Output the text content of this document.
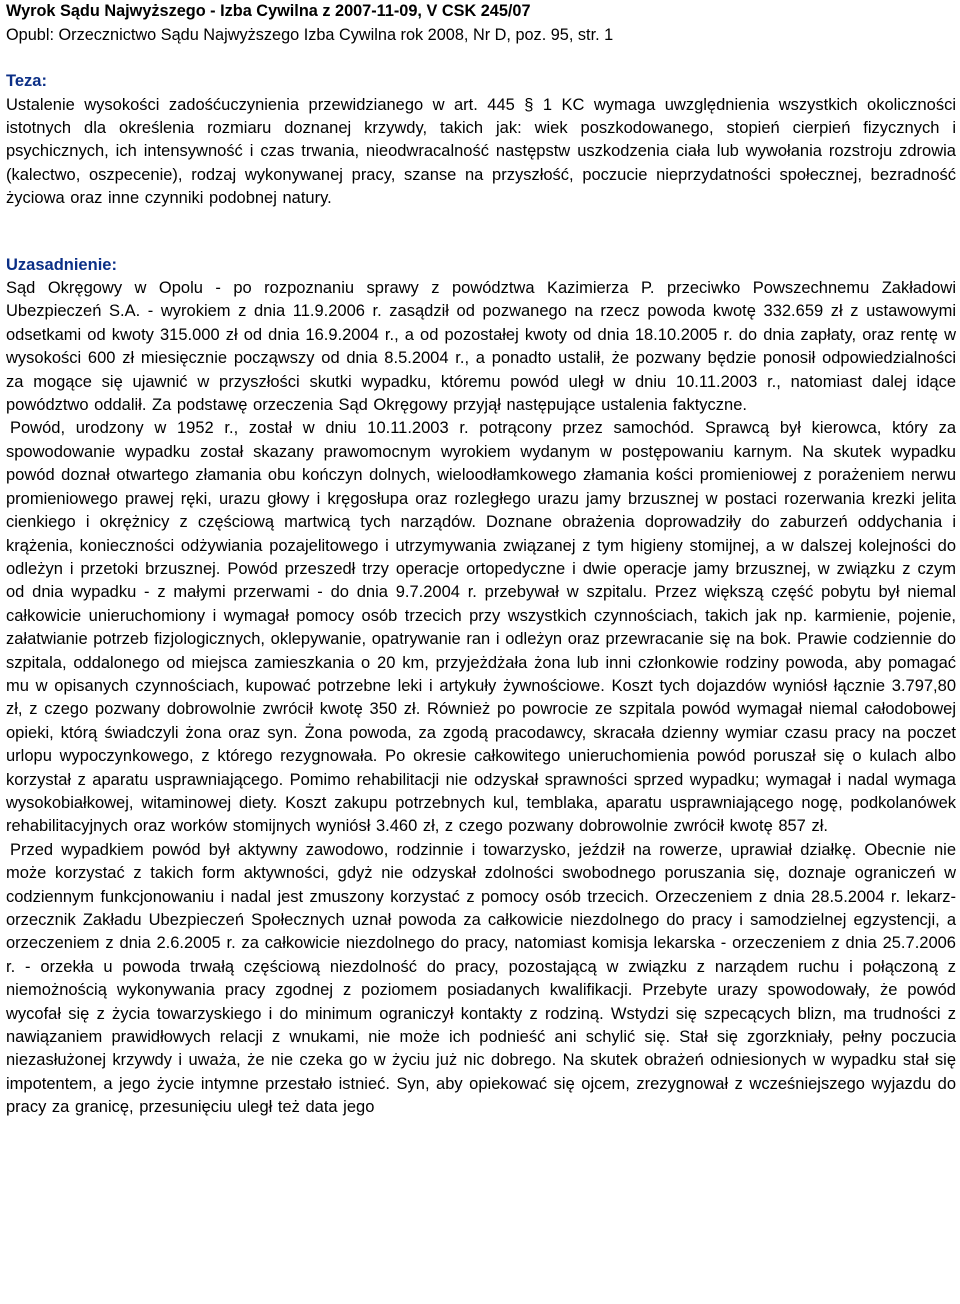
Wyrok Sądu Najwyższego - Izba Cywilna z 2007-11-09, V CSK 245/07

Opubl: Orzecznictwo Sądu Najwyższego Izba Cywilna rok 2008, Nr D, poz. 95, str. 1

Teza:

Ustalenie wysokości zadośćuczynienia przewidzianego w art. 445 § 1 KC wymaga uwzględnienia wszystkich okoliczności istotnych dla określenia rozmiaru doznanej krzywdy, takich jak: wiek poszkodowanego, stopień cierpień fizycznych i psychicznych, ich intensywność i czas trwania, nieodwracalność następstw uszkodzenia ciała lub wywołania rozstroju zdrowia (kalectwo, oszpecenie), rodzaj wykonywanej pracy, szanse na przyszłość, poczucie nieprzydatności społecznej, bezradność życiowa oraz inne czynniki podobnej natury.

Uzasadnienie:

Sąd Okręgowy w Opolu - po rozpoznaniu sprawy z powództwa Kazimierza P. przeciwko Powszechnemu Zakładowi Ubezpieczeń S.A. - wyrokiem z dnia 11.9.2006 r. zasądził od pozwanego na rzecz powoda kwotę 332.659 zł z ustawowymi odsetkami od kwoty 315.000 zł od dnia 16.9.2004 r., a od pozostałej kwoty od dnia 18.10.2005 r. do dnia zapłaty, oraz rentę w wysokości 600 zł miesięcznie począwszy od dnia 8.5.2004 r., a ponadto ustalił, że pozwany będzie ponosił odpowiedzialności za mogące się ujawnić w przyszłości skutki wypadku, któremu powód uległ w dniu 10.11.2003 r., natomiast dalej idące powództwo oddalił. Za podstawę orzeczenia Sąd Okręgowy przyjął następujące ustalenia faktyczne.

Powód, urodzony w 1952 r., został w dniu 10.11.2003 r. potrącony przez samochód. Sprawcą był kierowca, który za spowodowanie wypadku został skazany prawomocnym wyrokiem wydanym w postępowaniu karnym. Na skutek wypadku powód doznał otwartego złamania obu kończyn dolnych, wieloodłamkowego złamania kości promieniowej z porażeniem nerwu promieniowego prawej ręki, urazu głowy i kręgosłupa oraz rozległego urazu jamy brzusznej w postaci rozerwania krezki jelita cienkiego i okrężnicy z częściową martwicą tych narządów. Doznane obrażenia doprowadziły do zaburzeń oddychania i krążenia, konieczności odżywiania pozajelitowego i utrzymywania związanej z tym higieny stomijnej, a w dalszej kolejności do odleżyn i przetoki brzusznej. Powód przeszedł trzy operacje ortopedyczne i dwie operacje jamy brzusznej, w związku z czym od dnia wypadku - z małymi przerwami - do dnia 9.7.2004 r. przebywał w szpitalu. Przez większą część pobytu był niemal całkowicie unieruchomiony i wymagał pomocy osób trzecich przy wszystkich czynnościach, takich jak np. karmienie, pojenie, załatwianie potrzeb fizjologicznych, oklepywanie, opatrywanie ran i odleżyn oraz przewracanie się na bok. Prawie codziennie do szpitala, oddalonego od miejsca zamieszkania o 20 km, przyjeżdżała żona lub inni członkowie rodziny powoda, aby pomagać mu w opisanych czynnościach, kupować potrzebne leki i artykuły żywnościowe. Koszt tych dojazdów wyniósł łącznie 3.797,80 zł, z czego pozwany dobrowolnie zwrócił kwotę 350 zł. Również po powrocie ze szpitala powód wymagał niemal całodobowej opieki, którą świadczyli żona oraz syn. Żona powoda, za zgodą pracodawcy, skracała dzienny wymiar czasu pracy na poczet urlopu wypoczynkowego, z którego rezygnowała. Po okresie całkowitego unieruchomienia powód poruszał się o kulach albo korzystał z aparatu usprawniającego. Pomimo rehabilitacji nie odzyskał sprawności sprzed wypadku; wymagał i nadal wymaga wysokobiałkowej, witaminowej diety. Koszt zakupu potrzebnych kul, temblaka, aparatu usprawniającego nogę, podkolanówek rehabilitacyjnych oraz worków stomijnych wyniósł 3.460 zł, z czego pozwany dobrowolnie zwrócił kwotę 857 zł.

Przed wypadkiem powód był aktywny zawodowo, rodzinnie i towarzysko, jeździł na rowerze, uprawiał działkę. Obecnie nie może korzystać z takich form aktywności, gdyż nie odzyskał zdolności swobodnego poruszania się, doznaje ograniczeń w codziennym funkcjonowaniu i nadal jest zmuszony korzystać z pomocy osób trzecich. Orzeczeniem z dnia 28.5.2004 r. lekarz-orzecznik Zakładu Ubezpieczeń Społecznych uznał powoda za całkowicie niezdolnego do pracy i samodzielnej egzystencji, a orzeczeniem z dnia 2.6.2005 r. za całkowicie niezdolnego do pracy, natomiast komisja lekarska - orzeczeniem z dnia 25.7.2006 r. - orzekła u powoda trwałą częściową niezdolność do pracy, pozostającą w związku z narządem ruchu i połączoną z niemożnością wykonywania pracy zgodnej z poziomem posiadanych kwalifikacji. Przebyte urazy spowodowały, że powód wycofał się z życia towarzyskiego i do minimum ograniczył kontakty z rodziną. Wstydzi się szpecących blizn, ma trudności z nawiązaniem prawidłowych relacji z wnukami, nie może ich podnieść ani schylić się. Stał się zgorzkniały, pełny poczucia niezasłużonej krzywdy i uważa, że nie czeka go w życiu już nic dobrego. Na skutek obrażeń odniesionych w wypadku stał się impotentem, a jego życie intymne przestało istnieć. Syn, aby opiekować się ojcem, zrezygnował z wcześniejszego wyjazdu do pracy za granicę, przesunięciu uległ też data jego
